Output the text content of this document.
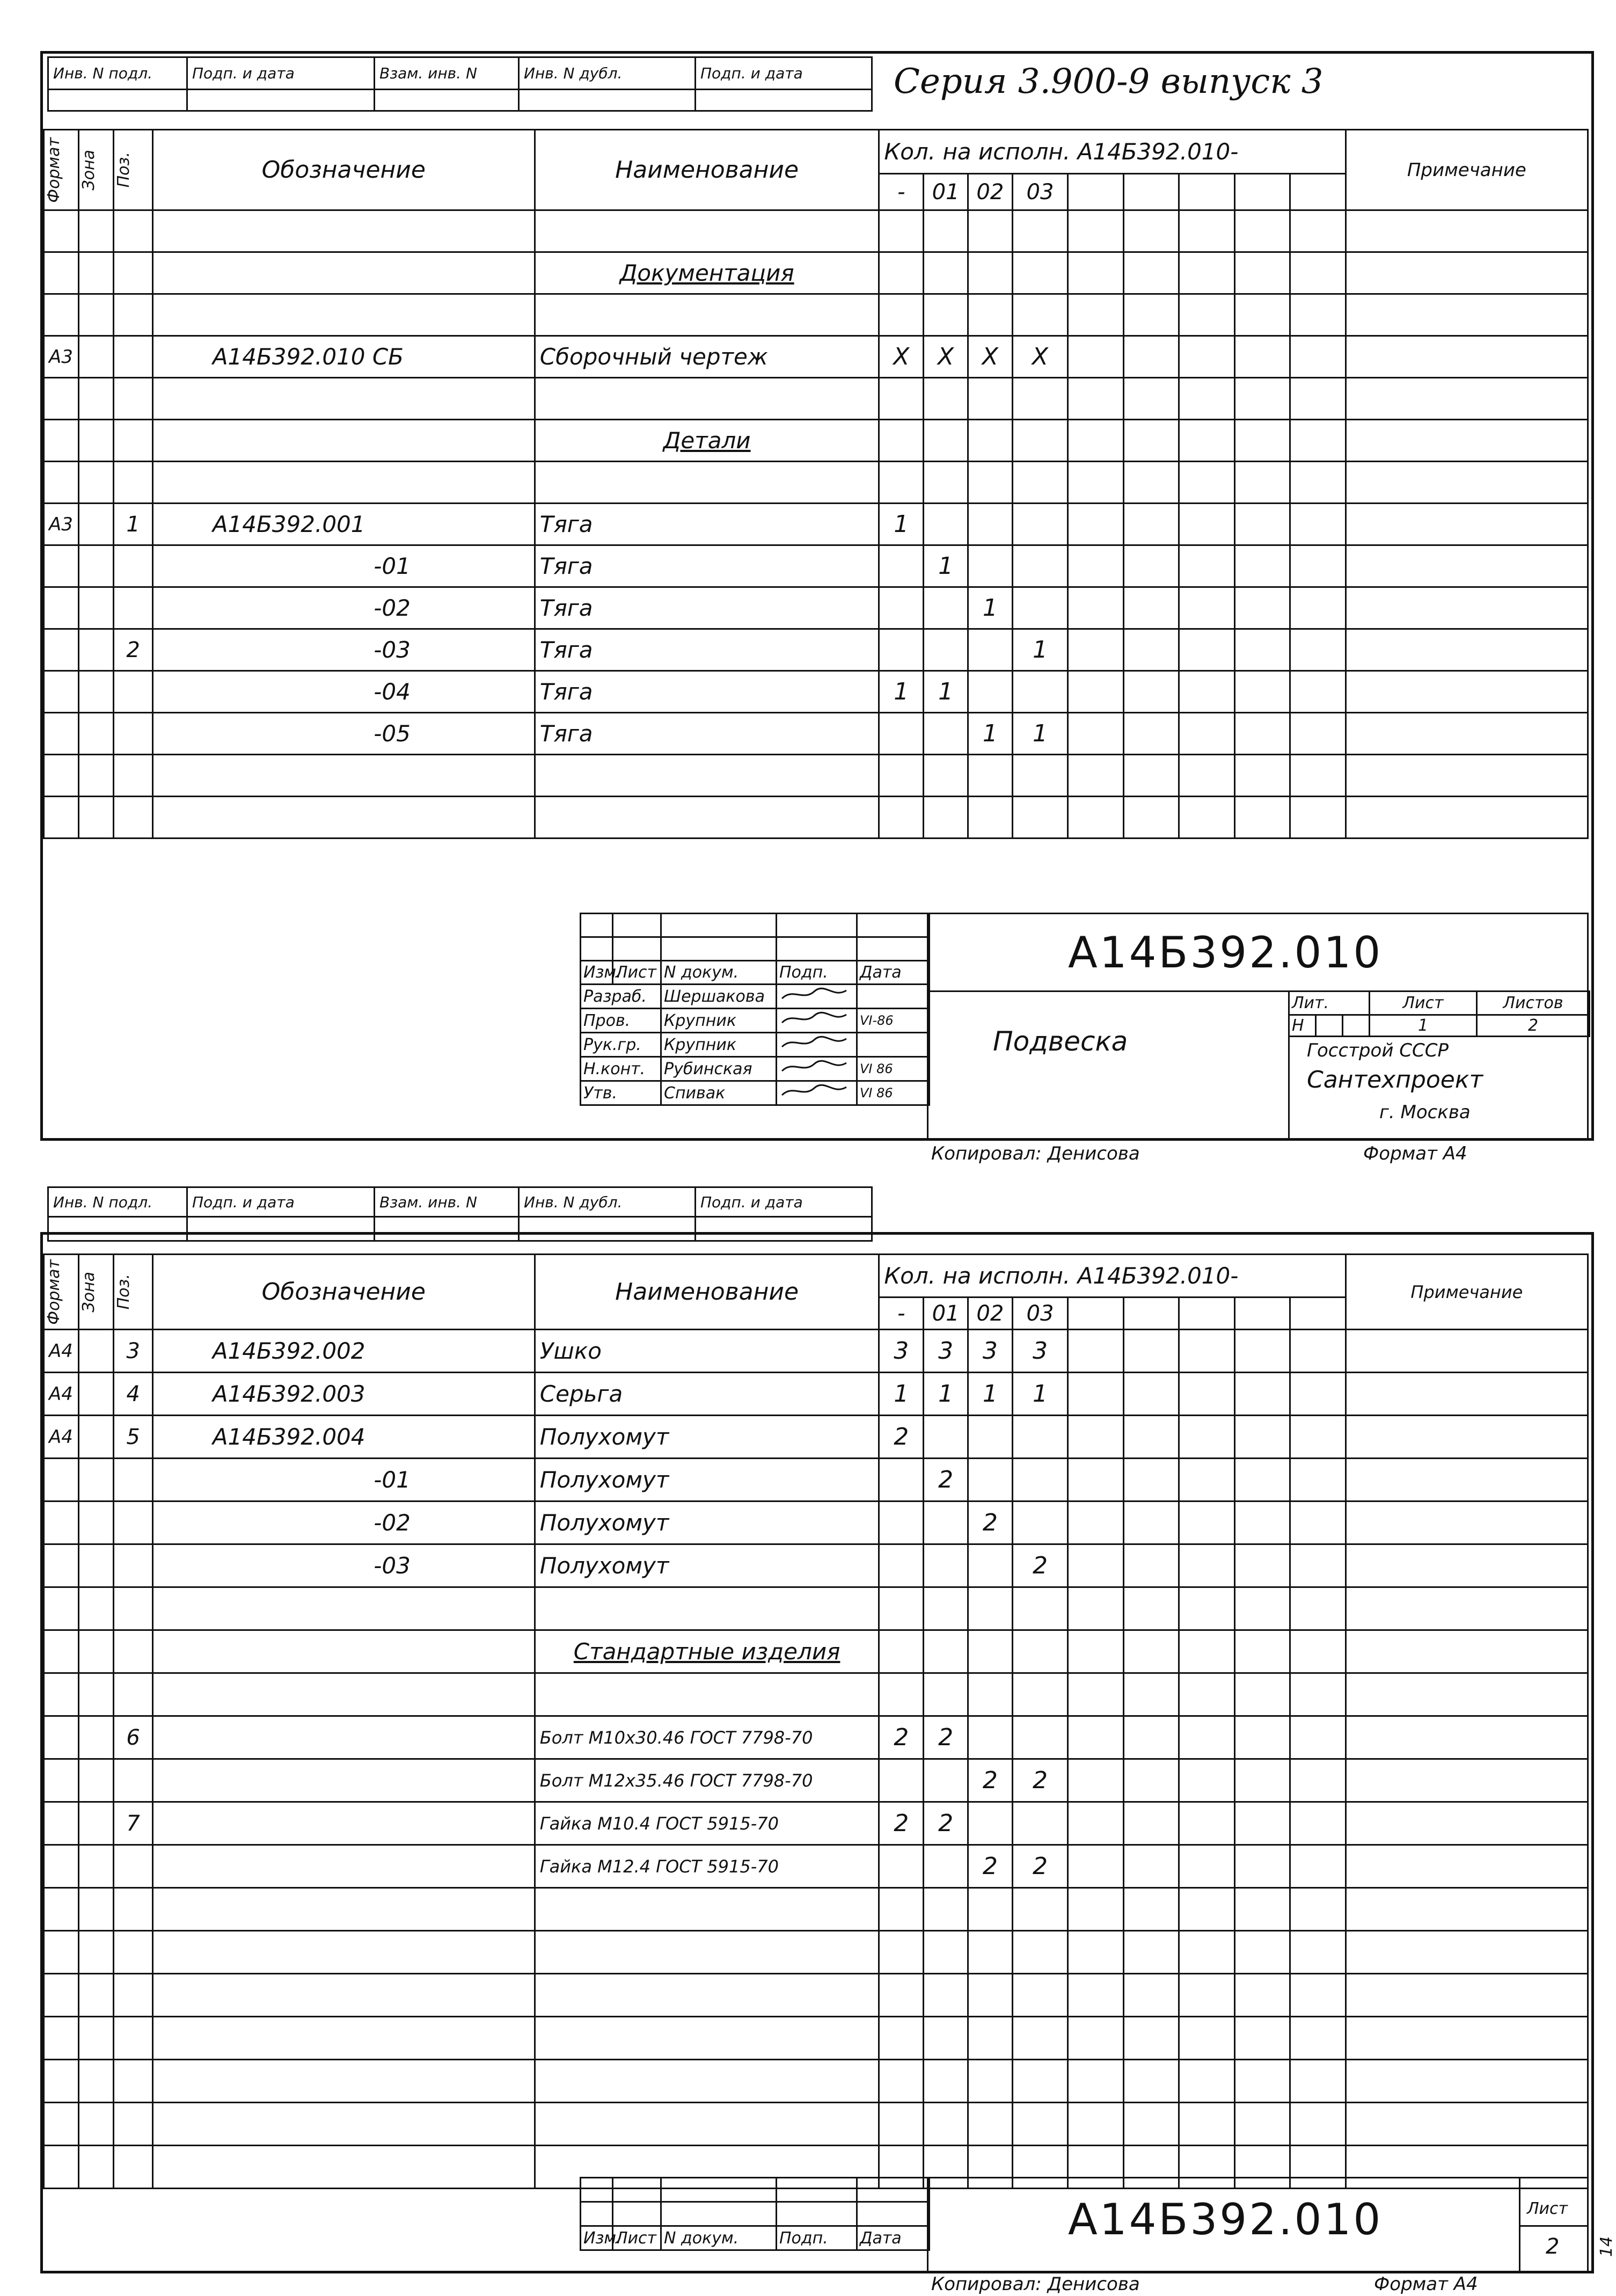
Инв. N подл.	Подп. и дата	Взам. инв. N	Инв. N дубл.	Подп. и дата
					Серия 3.900-9 выпуск 3
Формат	Зона	Поз.	Обозначение	Наименование	Кол. на исполн. А14Б392.010-									Примечание
					-	01	02	03						

				Документация										

А3			А14Б392.010 СБ	Сборочный чертеж	X	X	X	X						

				Детали										

А3		1	А14Б392.001	Тяга	1									
			-01	Тяга		1								
			-02	Тяга			1							
		2	-03	Тяга				1						
			-04	Тяга	1	1								
			-05	Тяга			1	1						

Изм.	Лист	N докум.	Подп.	Дата
Разраб.		Шершакова		
Пров.		Крупник		VI-86
Рук.гр.		Крупник		
Н.конт.		Рубинская		VI 86
Утв.		Спивак		VI 86
А14Б392.010
Подвеска
Лит.			Лист	Листов
Н			1	2
Госстрой СССР
Сантехпроект
г. Москва
Копировал: Денисова	Формат А4
Инв. N подл.	Подп. и дата	Взам. инв. N	Инв. N дубл.	Подп. и дата

Формат	Зона	Поз.	Обозначение	Наименование	Кол. на исполн. А14Б392.010-									Примечание
					-	01	02	03						
А4		3	А14Б392.002	Ушко	3	3	3	3						
А4		4	А14Б392.003	Серьга	1	1	1	1						
А4		5	А14Б392.004	Полухомут	2									
			-01	Полухомут		2								
			-02	Полухомут			2							
			-03	Полухомут				2						

				Стандартные изделия										

		6		Болт М10х30.46 ГОСТ 7798-70	2	2								
				Болт М12х35.46 ГОСТ 7798-70			2	2						
		7		Гайка М10.4 ГОСТ 5915-70	2	2								
				Гайка М12.4 ГОСТ 5915-70			2	2						

Изм.	Лист	N докум.	Подп.	Дата	А14Б392.010	Лист
2
Копировал: Денисова	Формат А4
14
